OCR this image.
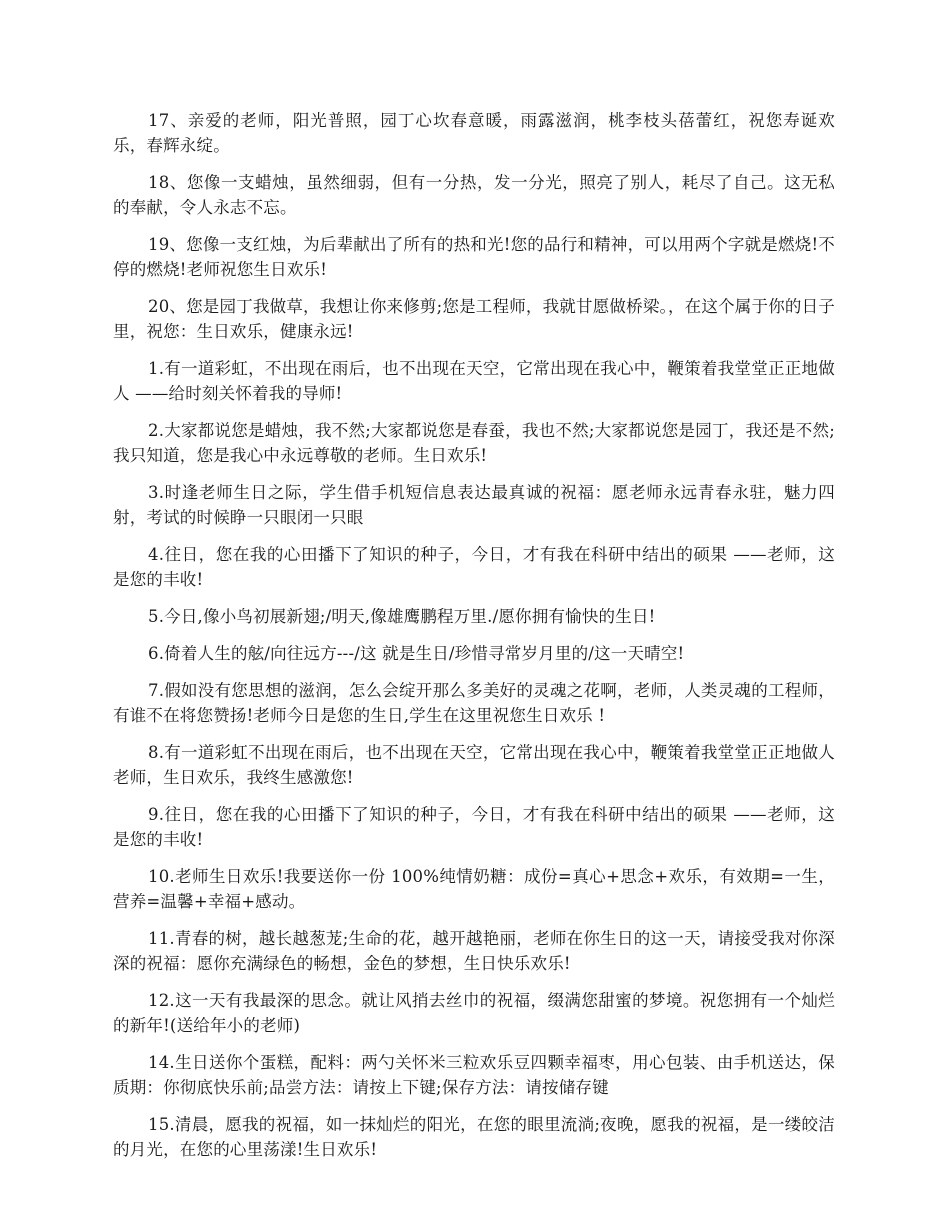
17、亲爱的老师，阳光普照，园丁心坎春意暖，雨露滋润，桃李枝头蓓蕾红，祝您寿诞欢乐，春辉永绽。

18、您像一支蜡烛，虽然细弱，但有一分热，发一分光，照亮了别人，耗尽了自己。这无私的奉献，令人永志不忘。

19、您像一支红烛，为后辈献出了所有的热和光!您的品行和精神，可以用两个字就是燃烧!不停的燃烧!老师祝您生日欢乐!

20、您是园丁我做草，我想让你来修剪;您是工程师，我就甘愿做桥梁。，在这个属于你的日子里，祝您：生日欢乐，健康永远!

1.有一道彩虹，不出现在雨后，也不出现在天空，它常出现在我心中，鞭策着我堂堂正正地做人 ——给时刻关怀着我的导师!

2.大家都说您是蜡烛，我不然;大家都说您是春蚕，我也不然;大家都说您是园丁，我还是不然;我只知道，您是我心中永远尊敬的老师。生日欢乐!

3.时逢老师生日之际，学生借手机短信息表达最真诚的祝福：愿老师永远青春永驻，魅力四射，考试的时候睁一只眼闭一只眼

4.往日，您在我的心田播下了知识的种子，今日，才有我在科研中结出的硕果 ——老师，这是您的丰收!

5.今日,像小鸟初展新翅;/明天,像雄鹰鹏程万里./愿你拥有愉快的生日!

6.倚着人生的舷/向往远方---/这 就是生日/珍惜寻常岁月里的/这一天晴空!

7.假如没有您思想的滋润，怎么会绽开那么多美好的灵魂之花啊，老师，人类灵魂的工程师，有谁不在将您赞扬!老师今日是您的生日,学生在这里祝您生日欢乐 !

8.有一道彩虹不出现在雨后，也不出现在天空，它常出现在我心中，鞭策着我堂堂正正地做人老师，生日欢乐，我终生感激您!

9.往日，您在我的心田播下了知识的种子，今日，才有我在科研中结出的硕果 ——老师，这是您的丰收!

10.老师生日欢乐!我要送你一份 100%纯情奶糖：成份=真心+思念+欢乐，有效期=一生，营养=温馨+幸福+感动。

11.青春的树，越长越葱茏;生命的花，越开越艳丽，老师在你生日的这一天，请接受我对你深深的祝福：愿你充满绿色的畅想，金色的梦想，生日快乐欢乐!

12.这一天有我最深的思念。就让风捎去丝巾的祝福，缀满您甜蜜的梦境。祝您拥有一个灿烂的新年!(送给年小的老师)

14.生日送你个蛋糕，配料：两勺关怀米三粒欢乐豆四颗幸福枣，用心包装、由手机送达，保质期：你彻底快乐前;品尝方法：请按上下键;保存方法：请按储存键

15.清晨，愿我的祝福，如一抹灿烂的阳光，在您的眼里流淌;夜晚，愿我的祝福，是一缕皎洁的月光，在您的心里荡漾!生日欢乐!
